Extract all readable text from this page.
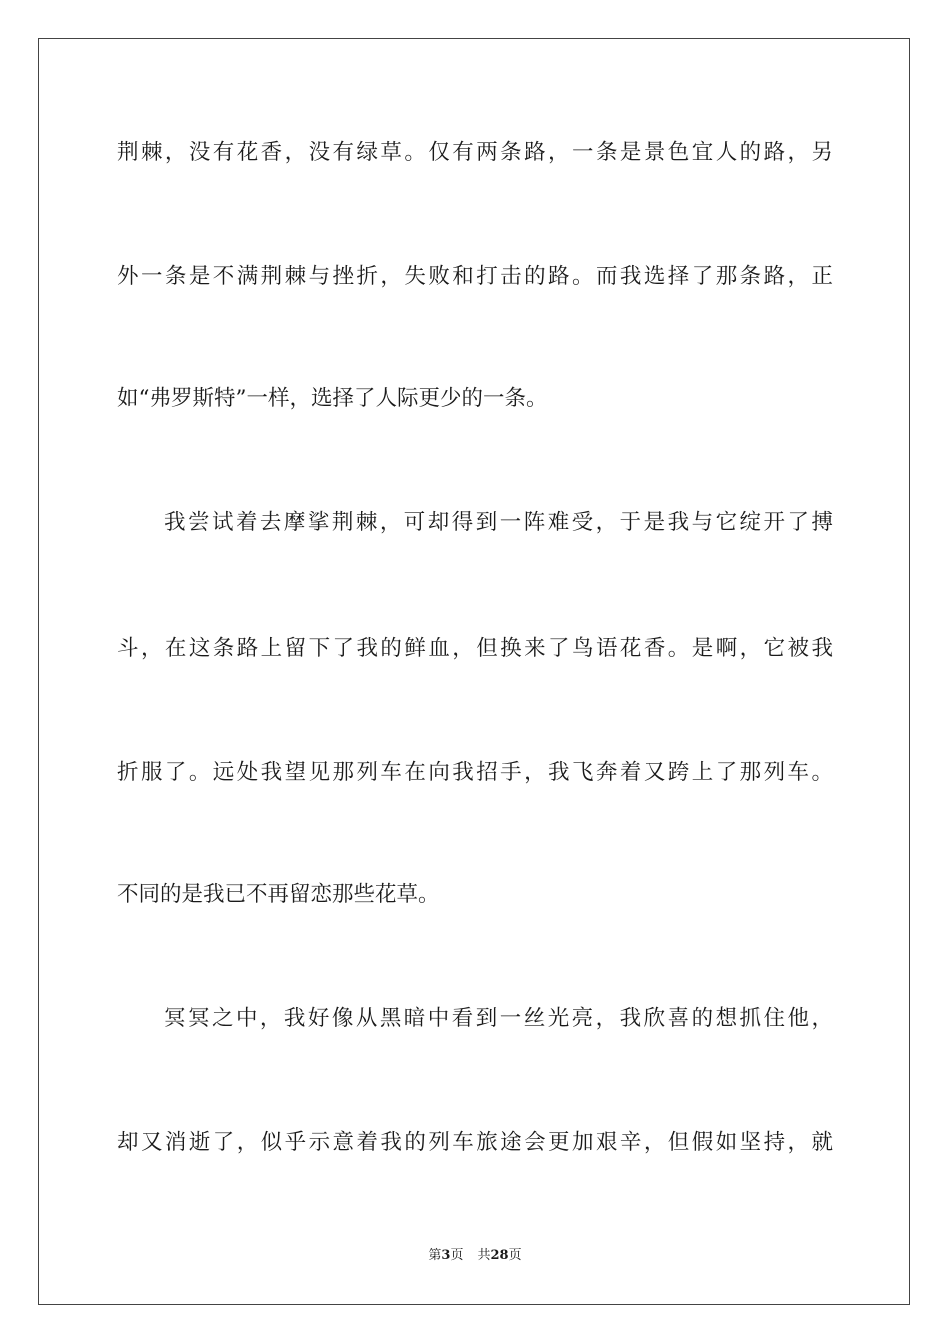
荆棘，没有花香，没有绿草。仅有两条路，一条是景色宜人的路，另
外一条是不满荆棘与挫折，失败和打击的路。而我选择了那条路，正
如“弗罗斯特”一样，选择了人际更少的一条。
我尝试着去摩挲荆棘，可却得到一阵难受，于是我与它绽开了搏
斗，在这条路上留下了我的鲜血，但换来了鸟语花香。是啊，它被我
折服了。远处我望见那列车在向我招手，我飞奔着又跨上了那列车。
不同的是我已不再留恋那些花草。
冥冥之中，我好像从黑暗中看到一丝光亮，我欣喜的想抓住他，
却又消逝了，似乎示意着我的列车旅途会更加艰辛，但假如坚持，就
第3页 共28页
